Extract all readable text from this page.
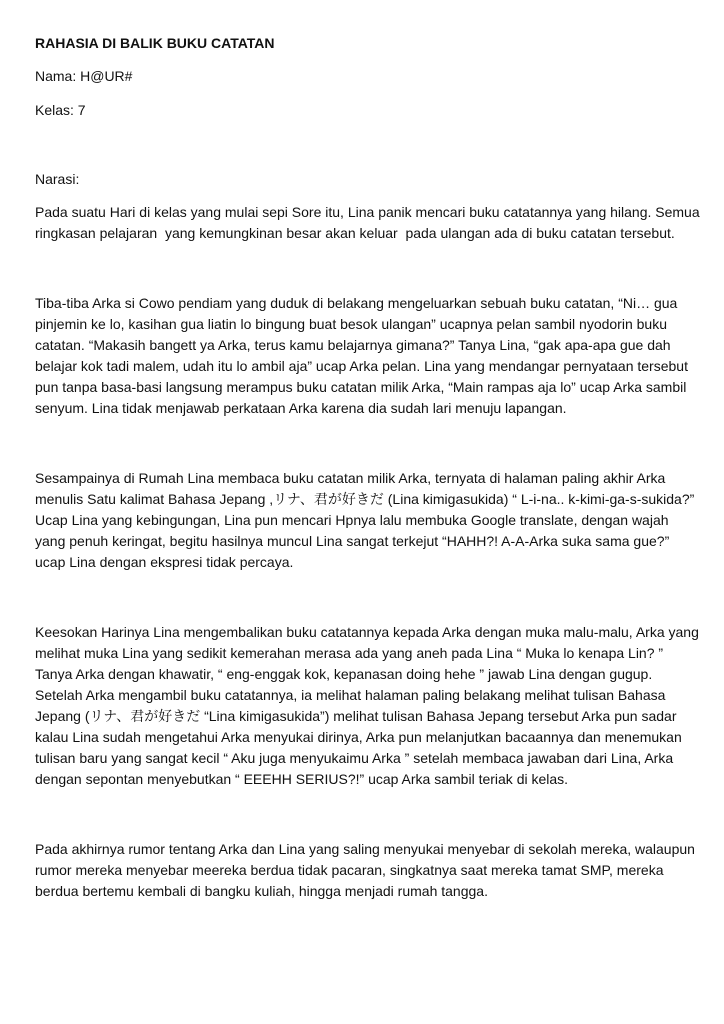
RAHASIA DI BALIK BUKU CATATAN

Nama: H@UR#

Kelas: 7

Narasi:

Pada suatu Hari di kelas yang mulai sepi Sore itu, Lina panik mencari buku catatannya yang hilang. Semua ringkasan pelajaran  yang kemungkinan besar akan keluar  pada ulangan ada di buku catatan tersebut.

Tiba-tiba Arka si Cowo pendiam yang duduk di belakang mengeluarkan sebuah buku catatan, “Ni… gua pinjemin ke lo, kasihan gua liatin lo bingung buat besok ulangan” ucapnya pelan sambil nyodorin buku catatan. “Makasih bangett ya Arka, terus kamu belajarnya gimana?” Tanya Lina, “gak apa-apa gue dah belajar kok tadi malem, udah itu lo ambil aja” ucap Arka pelan. Lina yang mendangar pernyataan tersebut pun tanpa basa-basi langsung merampus buku catatan milik Arka, “Main rampas aja lo” ucap Arka sambil senyum. Lina tidak menjawab perkataan Arka karena dia sudah lari menuju lapangan.

Sesampainya di Rumah Lina membaca buku catatan milik Arka, ternyata di halaman paling akhir Arka menulis Satu kalimat Bahasa Jepang ,リナ、君が好きだ (Lina kimigasukida) “ L-i-na.. k-kimi-ga-s-sukida?” Ucap Lina yang kebingungan, Lina pun mencari Hpnya lalu membuka Google translate, dengan wajah yang penuh keringat, begitu hasilnya muncul Lina sangat terkejut “HAHH?! A-A-Arka suka sama gue?” ucap Lina dengan ekspresi tidak percaya.

Keesokan Harinya Lina mengembalikan buku catatannya kepada Arka dengan muka malu-malu, Arka yang melihat muka Lina yang sedikit kemerahan merasa ada yang aneh pada Lina “ Muka lo kenapa Lin? ” Tanya Arka dengan khawatir, “ eng-enggak kok, kepanasan doing hehe ” jawab Lina dengan gugup. Setelah Arka mengambil buku catatannya, ia melihat halaman paling belakang melihat tulisan Bahasa Jepang (リナ、君が好きだ “Lina kimigasukida”) melihat tulisan Bahasa Jepang tersebut Arka pun sadar kalau Lina sudah mengetahui Arka menyukai dirinya, Arka pun melanjutkan bacaannya dan menemukan tulisan baru yang sangat kecil “ Aku juga menyukaimu Arka ” setelah membaca jawaban dari Lina, Arka dengan sepontan menyebutkan “ EEEHH SERIUS?!” ucap Arka sambil teriak di kelas.

Pada akhirnya rumor tentang Arka dan Lina yang saling menyukai menyebar di sekolah mereka, walaupun rumor mereka menyebar meereka berdua tidak pacaran, singkatnya saat mereka tamat SMP, mereka berdua bertemu kembali di bangku kuliah, hingga menjadi rumah tangga.
